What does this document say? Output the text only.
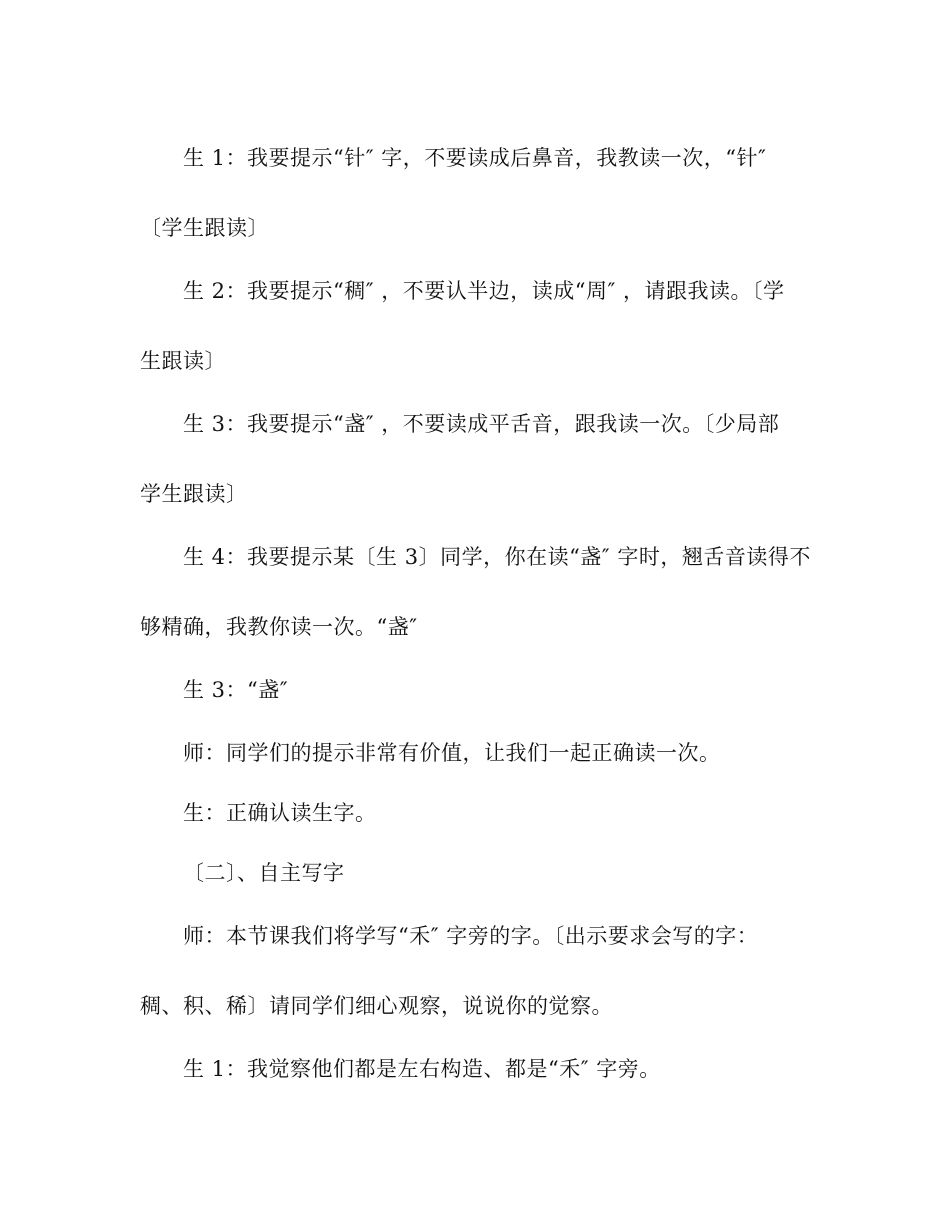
生 1：我要提示“针″ 字，不要读成后鼻音，我教读一次，“针″
〔学生跟读〕
生 2：我要提示“稠″ ，不要认半边，读成“周″ ，请跟我读。〔学
生跟读〕
生 3：我要提示“盏″ ，不要读成平舌音，跟我读一次。〔少局部
学生跟读〕
生 4：我要提示某〔生 3〕同学，你在读“盏″ 字时，翘舌音读得不
够精确，我教你读一次。“盏″
生 3：“盏″
师：同学们的提示非常有价值，让我们一起正确读一次。
生：正确认读生字。
〔二〕、自主写字
师：本节课我们将学写“禾″ 字旁的字。〔出示要求会写的字：
稠、积、稀〕请同学们细心观察，说说你的觉察。
生 1：我觉察他们都是左右构造、都是“禾″ 字旁。
